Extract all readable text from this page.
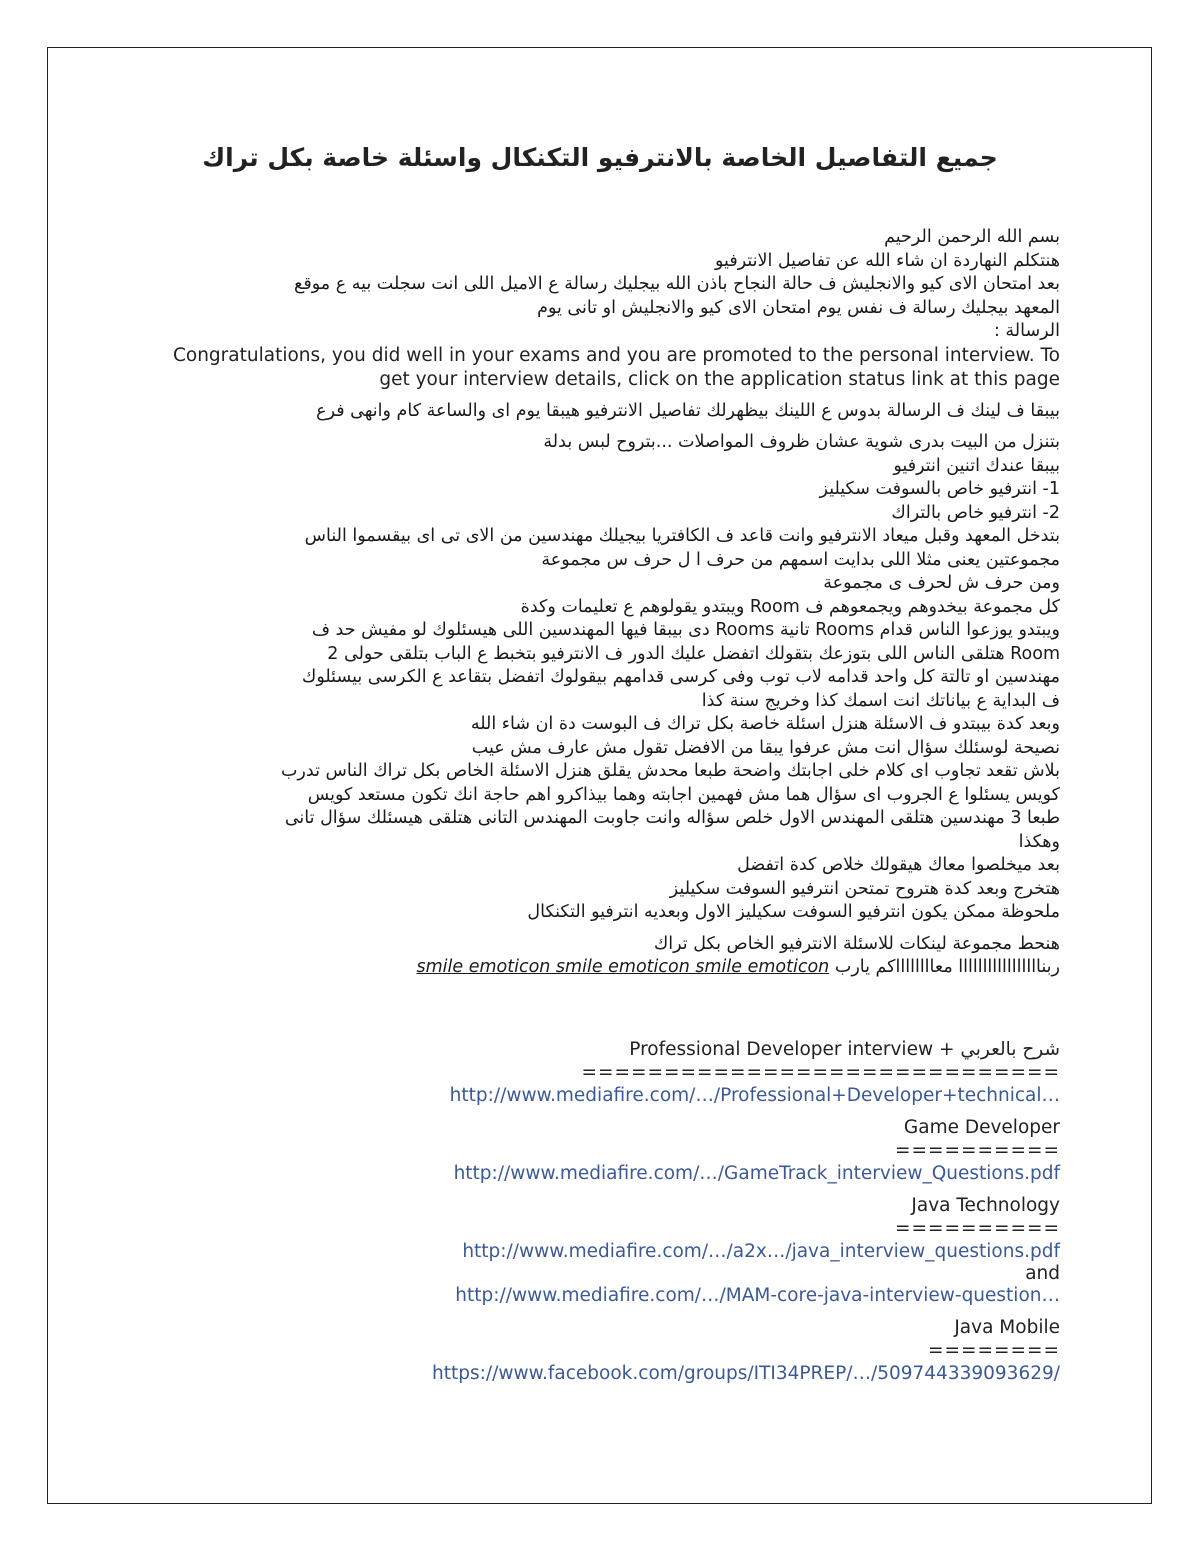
جميع التفاصيل الخاصة بالانترفيو التكنكال واسئلة خاصة بكل تراك
بسم الله الرحمن الرحيم
هنتكلم النهاردة ان شاء الله عن تفاصيل الانترفيو
بعد امتحان الاى كيو والانجليش ف حالة النجاح باذن الله بيجليك رسالة ع الاميل اللى انت سجلت بيه ع موقع
المعهد بيجليك رسالة ف نفس يوم امتحان الاى كيو والانجليش او تانى يوم
الرسالة :
Congratulations, you did well in your exams and you are promoted to the personal interview. To get your interview details, click on the application status link at this page
بيبقا ف لينك ف الرسالة بدوس ع اللينك بيظهرلك تفاصيل الانترفيو هيبقا يوم اى والساعة كام وانهى فرع
بتنزل من البيت بدرى شوية عشان ظروف المواصلات ...بتروح لبس بدلة
بيبقا عندك اتنين انترفيو
1- انترفيو خاص بالسوفت سكيليز
2- انترفيو خاص بالتراك
بتدخل المعهد وقبل ميعاد الانترفيو وانت قاعد ف الكافتريا بيجيلك مهندسين من الاى تى اى بيقسموا الناس
مجموعتين يعنى مثلا اللى بدايت اسمهم من حرف ا ل حرف س مجموعة
ومن حرف ش لحرف ى مجموعة
كل مجموعة بيخدوهم ويجمعوهم ف Room ويبتدو يقولوهم ع تعليمات وكدة
ويبتدو يوزعوا الناس قدام Rooms تانية Rooms دى بيبقا فيها المهندسين اللى هيسئلوك لو مفيش حد ف
Room هتلقى الناس اللى بتوزعك بتقولك اتفضل عليك الدور ف الانترفيو بتخبط ع الباب بتلقى حولى 2
مهندسين او تالتة كل واحد قدامه لاب توب وفى كرسى قدامهم بيقولوك اتفضل بتقاعد ع الكرسى بيسئلوك
ف البداية ع بياناتك انت اسمك كذا وخريج سنة كذا
وبعد كدة بيبتدو ف الاسئلة هنزل اسئلة خاصة بكل تراك ف البوست دة ان شاء الله
نصيحة لوسئلك سؤال انت مش عرفوا يبقا من الافضل تقول مش عارف مش عيب
بلاش تقعد تجاوب اى كلام خلى اجابتك واضحة طبعا محدش يقلق هنزل الاسئلة الخاص بكل تراك الناس تدرب
كويس يسئلوا ع الجروب اى سؤال هما مش فهمين اجابته وهما بيذاكرو اهم حاجة انك تكون مستعد كويس
طبعا 3 مهندسين هتلقى المهندس الاول خلص سؤاله وانت جاوبت المهندس التانى هتلقى هيسئلك سؤال تانى
وهكذا
بعد ميخلصوا معاك هيقولك خلاص كدة اتفضل
هتخرج وبعد كدة هتروح تمتحن انترفيو السوفت سكيليز
ملحوظة ممكن يكون انترفيو السوفت سكيليز الاول وبعديه انترفيو التكنكال
هنحط مجموعة لينكات للاسئلة الانترفيو الخاص بكل تراك
ربنااااااااااااااااا معااااااااكم يارب smile emoticon smile emoticon smile emoticon
Professional Developer interview + شرح بالعربي
=============================
http://www.mediafire.com/…/Professional+Developer+technical…
Game Developer
==========
http://www.mediafire.com/…/GameTrack_interview_Questions.pdf
Java Technology
==========
http://www.mediafire.com/…/a2x…/java_interview_questions.pdf
and
http://www.mediafire.com/…/MAM-core-java-interview-question…
Java Mobile
========
https://www.facebook.com/groups/ITI34PREP/…/509744339093629/
